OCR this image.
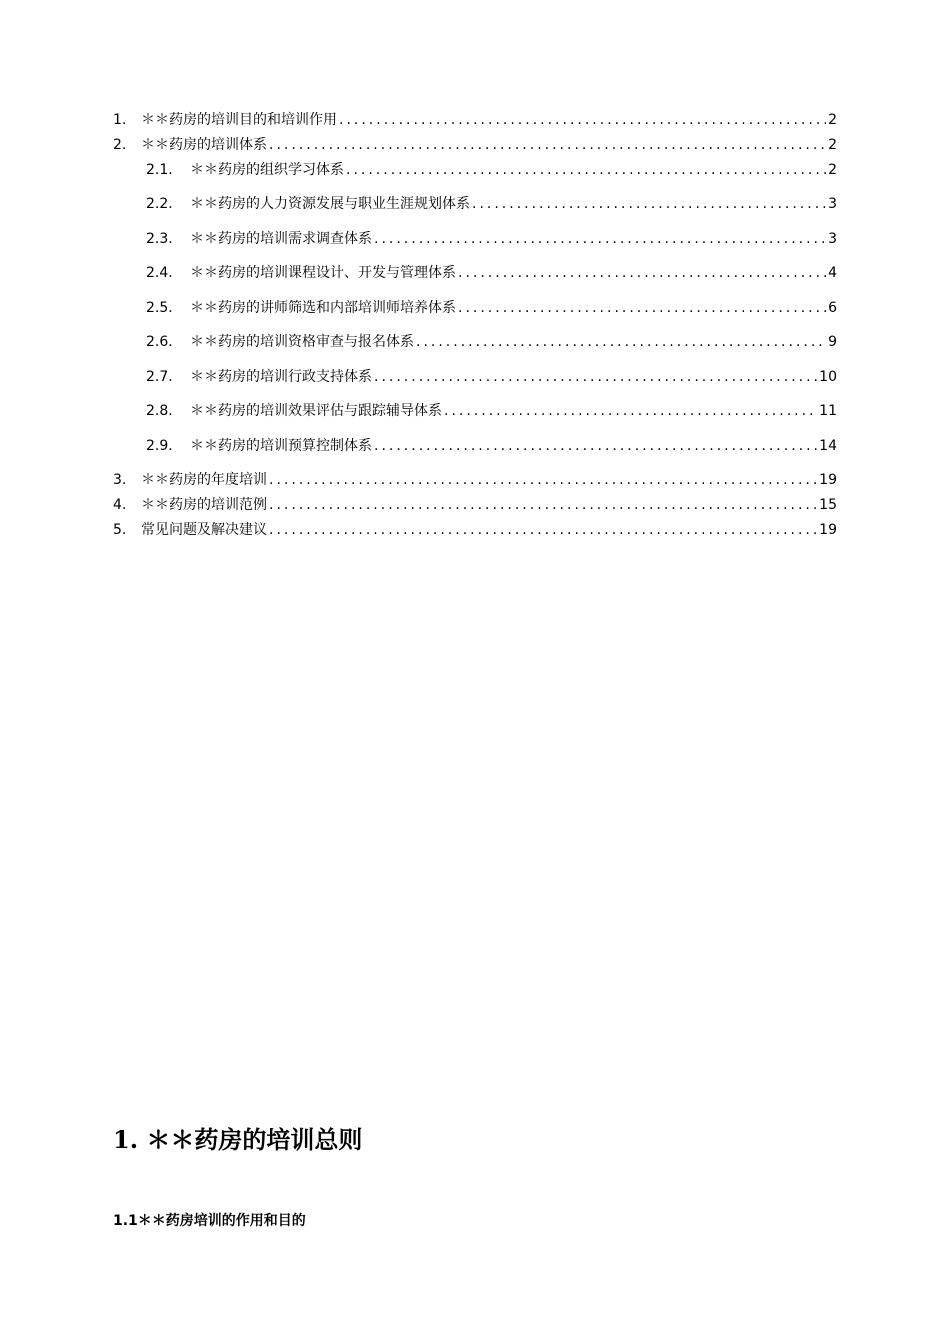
1.	＊＊药房的培训目的和培训作用 .....	2
2.	＊＊药房的培训体系 .....	2
2.1.	＊＊药房的组织学习体系 .....	2
2.2.	＊＊药房的人力资源发展与职业生涯规划体系 .....	3
2.3.	＊＊药房的培训需求调查体系 .....	3
2.4.	＊＊药房的培训课程设计、开发与管理体系 .....	4
2.5.	＊＊药房的讲师筛选和内部培训师培养体系 .....	6
2.6.	＊＊药房的培训资格审查与报名体系 .....	9
2.7.	＊＊药房的培训行政支持体系 .....	10
2.8.	＊＊药房的培训效果评估与跟踪辅导体系 .....	11
2.9.	＊＊药房的培训预算控制体系 .....	14
3.	＊＊药房的年度培训 .....	19
4.	＊＊药房的培训范例 .....	15
5.	常见问题及解决建议 .....	19
1. ＊＊药房的培训总则
1.1＊＊药房培训的作用和目的
